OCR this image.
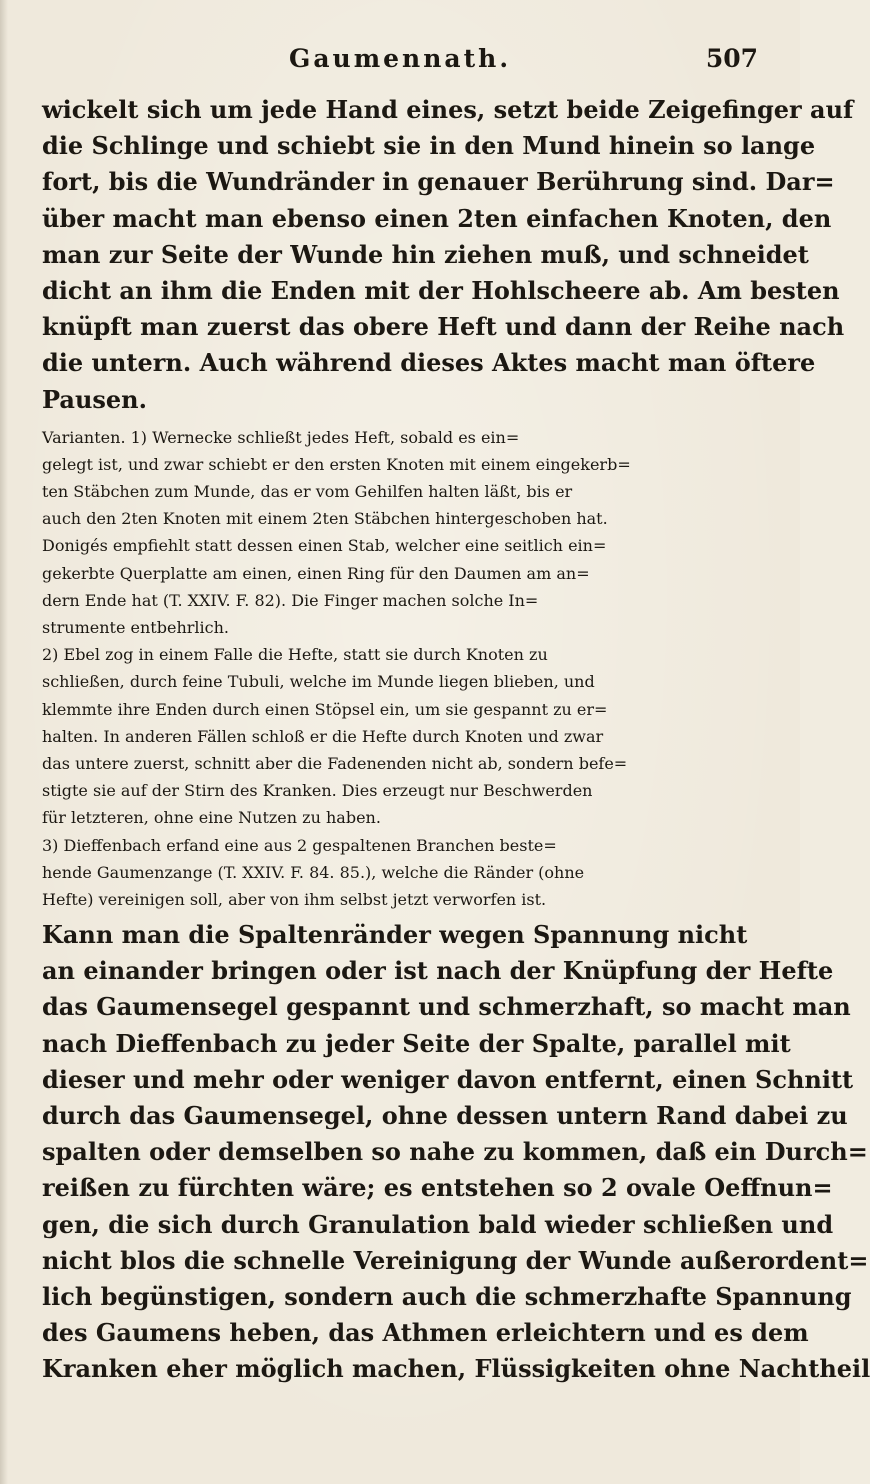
Gaumennath.	507
wickelt sich um jede Hand eines, setzt beide Zeigefinger auf
die Schlinge und schiebt sie in den Mund hinein so lange
fort, bis die Wundränder in genauer Berührung sind. Dar=
über macht man ebenso einen 2ten einfachen Knoten, den
man zur Seite der Wunde hin ziehen muß, und schneidet
dicht an ihm die Enden mit der Hohlscheere ab. Am besten
knüpft man zuerst das obere Heft und dann der Reihe nach
die untern. Auch während dieses Aktes macht man öftere
Pausen.
Varianten. 1) Wernecke schließt jedes Heft, sobald es ein=
gelegt ist, und zwar schiebt er den ersten Knoten mit einem eingekerb=
ten Stäbchen zum Munde, das er vom Gehilfen halten läßt, bis er
auch den 2ten Knoten mit einem 2ten Stäbchen hintergeschoben hat.
Donigés empfiehlt statt dessen einen Stab, welcher eine seitlich ein=
gekerbte Querplatte am einen, einen Ring für den Daumen am an=
dern Ende hat (T. XXIV. F. 82). Die Finger machen solche In=
strumente entbehrlich.
2) Ebel zog in einem Falle die Hefte, statt sie durch Knoten zu
schließen, durch feine Tubuli, welche im Munde liegen blieben, und
klemmte ihre Enden durch einen Stöpsel ein, um sie gespannt zu er=
halten. In anderen Fällen schloß er die Hefte durch Knoten und zwar
das untere zuerst, schnitt aber die Fadenenden nicht ab, sondern befe=
stigte sie auf der Stirn des Kranken. Dies erzeugt nur Beschwerden
für letzteren, ohne eine Nutzen zu haben.
3) Dieffenbach erfand eine aus 2 gespaltenen Branchen beste=
hende Gaumenzange (T. XXIV. F. 84. 85.), welche die Ränder (ohne
Hefte) vereinigen soll, aber von ihm selbst jetzt verworfen ist.
Kann man die Spaltenränder wegen Spannung nicht
an einander bringen oder ist nach der Knüpfung der Hefte
das Gaumensegel gespannt und schmerzhaft, so macht man
nach Dieffenbach zu jeder Seite der Spalte, parallel mit
dieser und mehr oder weniger davon entfernt, einen Schnitt
durch das Gaumensegel, ohne dessen untern Rand dabei zu
spalten oder demselben so nahe zu kommen, daß ein Durch=
reißen zu fürchten wäre; es entstehen so 2 ovale Oeffnun=
gen, die sich durch Granulation bald wieder schließen und
nicht blos die schnelle Vereinigung der Wunde außerordent=
lich begünstigen, sondern auch die schmerzhafte Spannung
des Gaumens heben, das Athmen erleichtern und es dem
Kranken eher möglich machen, Flüssigkeiten ohne Nachtheil
